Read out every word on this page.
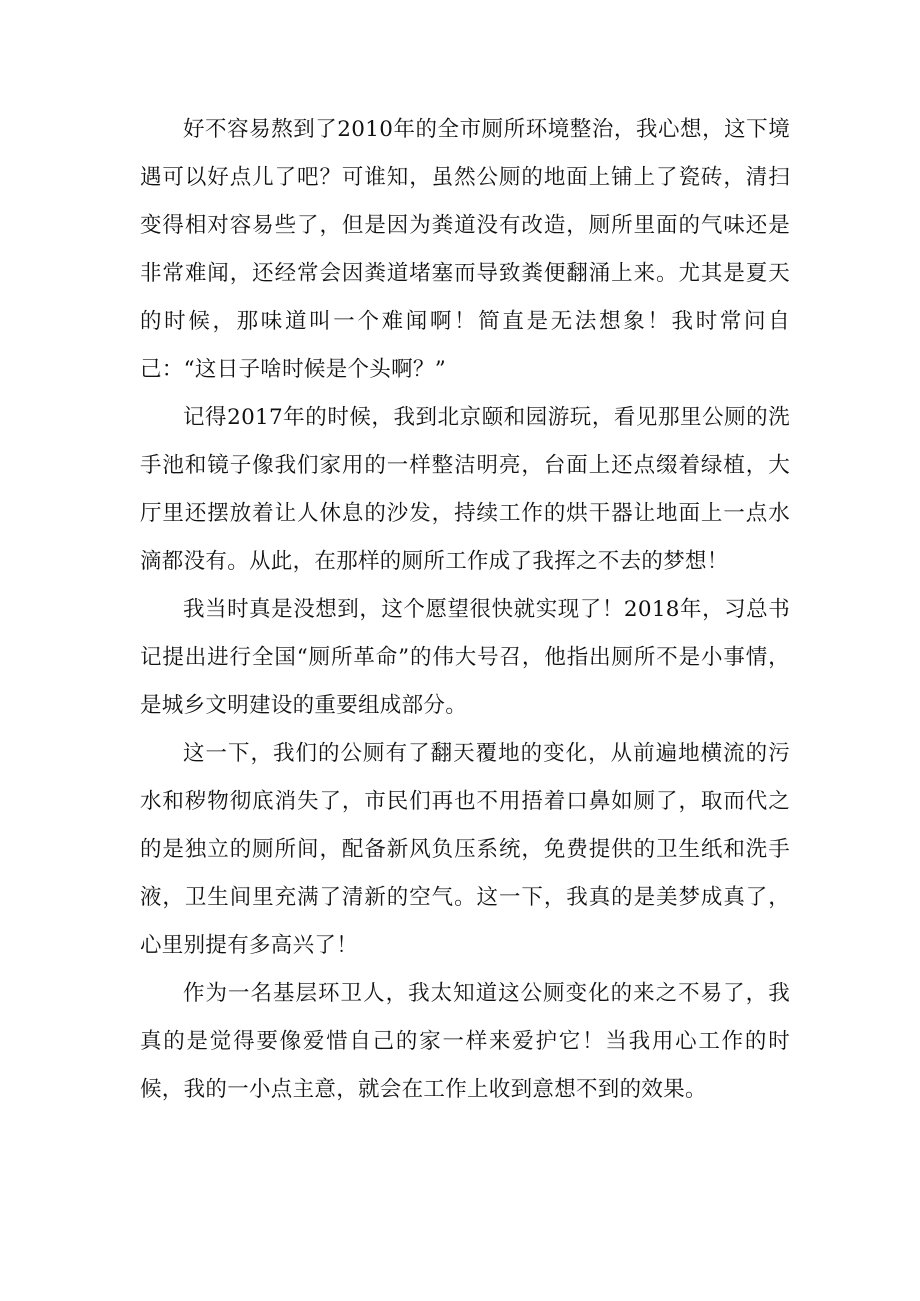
好不容易熬到了2010年的全市厕所环境整治，我心想，这下境遇可以好点儿了吧？可谁知，虽然公厕的地面上铺上了瓷砖，清扫变得相对容易些了，但是因为粪道没有改造，厕所里面的气味还是非常难闻，还经常会因粪道堵塞而导致粪便翻涌上来。尤其是夏天的时候，那味道叫一个难闻啊！简直是无法想象！我时常问自己：“这日子啥时候是个头啊？”

记得2017年的时候，我到北京颐和园游玩，看见那里公厕的洗手池和镜子像我们家用的一样整洁明亮，台面上还点缀着绿植，大厅里还摆放着让人休息的沙发，持续工作的烘干器让地面上一点水滴都没有。从此，在那样的厕所工作成了我挥之不去的梦想！

我当时真是没想到，这个愿望很快就实现了！2018年，习总书记提出进行全国“厕所革命”的伟大号召，他指出厕所不是小事情，是城乡文明建设的重要组成部分。

这一下，我们的公厕有了翻天覆地的变化，从前遍地横流的污水和秽物彻底消失了，市民们再也不用捂着口鼻如厕了，取而代之的是独立的厕所间，配备新风负压系统，免费提供的卫生纸和洗手液，卫生间里充满了清新的空气。这一下，我真的是美梦成真了，心里别提有多高兴了！

作为一名基层环卫人，我太知道这公厕变化的来之不易了，我真的是觉得要像爱惜自己的家一样来爱护它！当我用心工作的时候，我的一小点主意，就会在工作上收到意想不到的效果。
